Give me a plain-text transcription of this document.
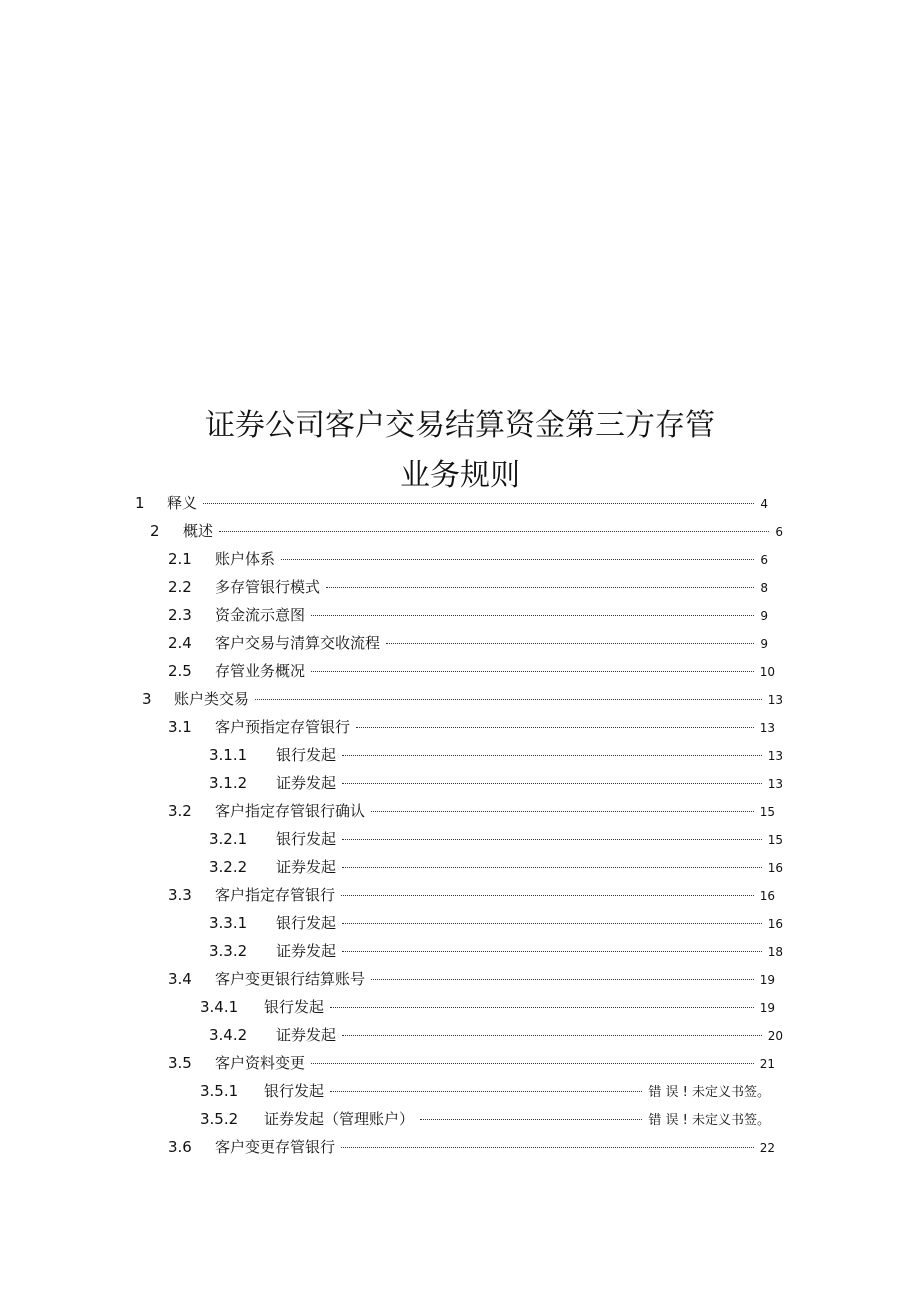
证券公司客户交易结算资金第三方存管
业务规则
1	释义	4
2	概述	6
2.1	账户体系	6
2.2	多存管银行模式	8
2.3	资金流示意图	9
2.4	客户交易与清算交收流程	9
2.5	存管业务概况	10
3	账户类交易	13
3.1	客户预指定存管银行	13
3.1.1	银行发起	13
3.1.2	证券发起	13
3.2	客户指定存管银行确认	15
3.2.1	银行发起	15
3.2.2	证券发起	16
3.3	客户指定存管银行	16
3.3.1	银行发起	16
3.3.2	证券发起	18
3.4	客户变更银行结算账号	19
3.4.1	银行发起	19
3.4.2	证券发起	20
3.5	客户资料变更	21
3.5.1	银行发起	错 误 ! 未定义书签。
3.5.2	证券发起（管理账户）	错 误 ! 未定义书签。
3.6	客户变更存管银行	22
